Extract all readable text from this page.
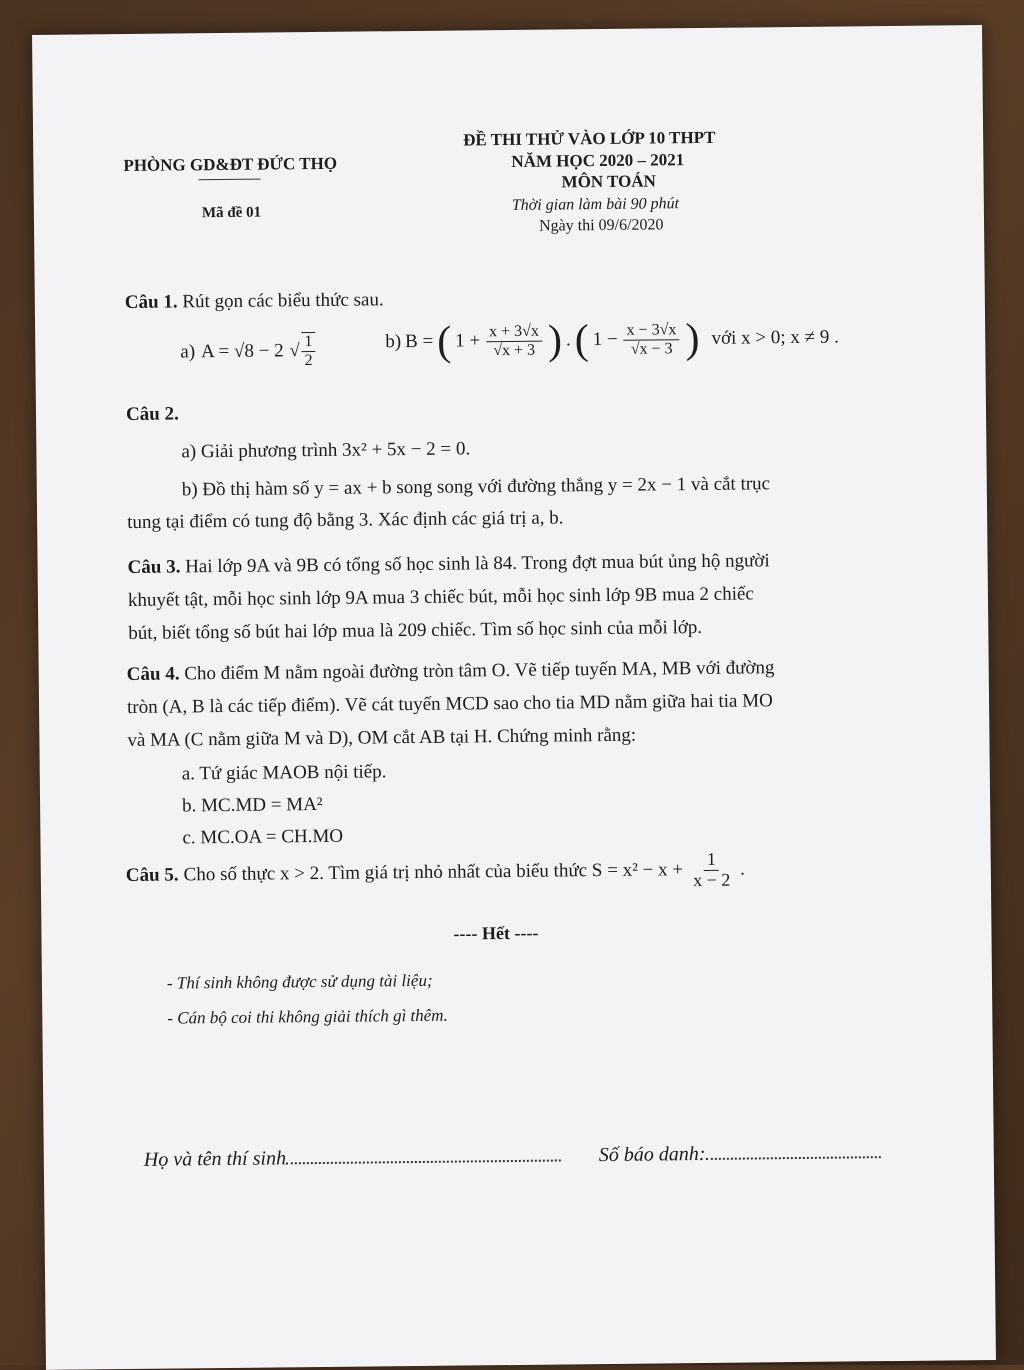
PHÒNG GD&ĐT ĐỨC THỌ
Mã đề 01
ĐỀ THI THỬ VÀO LỚP 10 THPT
NĂM HỌC 2020 – 2021
MÔN TOÁN
Thời gian làm bài 90 phút
Ngày thi 09/6/2020
Câu 1. Rút gọn các biểu thức sau.
a) A = √8 − 2 √ $\frac{1}{2}$	b) B = ( $1 + \frac{x + 3√x}{√x + 3}$ ) . ( $1 - \frac{x - 3√x}{√x - 3}$ ) với x > 0; x ≠ 9 .
Câu 2.
a) Giải phương trình 3x² + 5x − 2 = 0.
b) Đồ thị hàm số y = ax + b song song với đường thẳng y = 2x − 1 và cắt trục
tung tại điểm có tung độ bằng 3. Xác định các giá trị a, b.
Câu 3. Hai lớp 9A và 9B có tổng số học sinh là 84. Trong đợt mua bút ủng hộ người
khuyết tật, mỗi học sinh lớp 9A mua 3 chiếc bút, mỗi học sinh lớp 9B mua 2 chiếc
bút, biết tổng số bút hai lớp mua là 209 chiếc. Tìm số học sinh của mỗi lớp.
Câu 4. Cho điểm M nằm ngoài đường tròn tâm O. Vẽ tiếp tuyến MA, MB với đường
tròn (A, B là các tiếp điểm). Vẽ cát tuyến MCD sao cho tia MD nằm giữa hai tia MO
và MA (C nằm giữa M và D), OM cắt AB tại H. Chứng minh rằng:
a. Tứ giác MAOB nội tiếp.
b. MC.MD = MA²
c. MC.OA = CH.MO
Câu 5. Cho số thực x > 2. Tìm giá trị nhỏ nhất của biểu thức $S = x^2 - x + \frac{1}{x - 2}$ .
---- Hết ----
- Thí sinh không được sử dụng tài liệu;
- Cán bộ coi thi không giải thích gì thêm.
Họ và tên thí sinh	Số báo danh:
